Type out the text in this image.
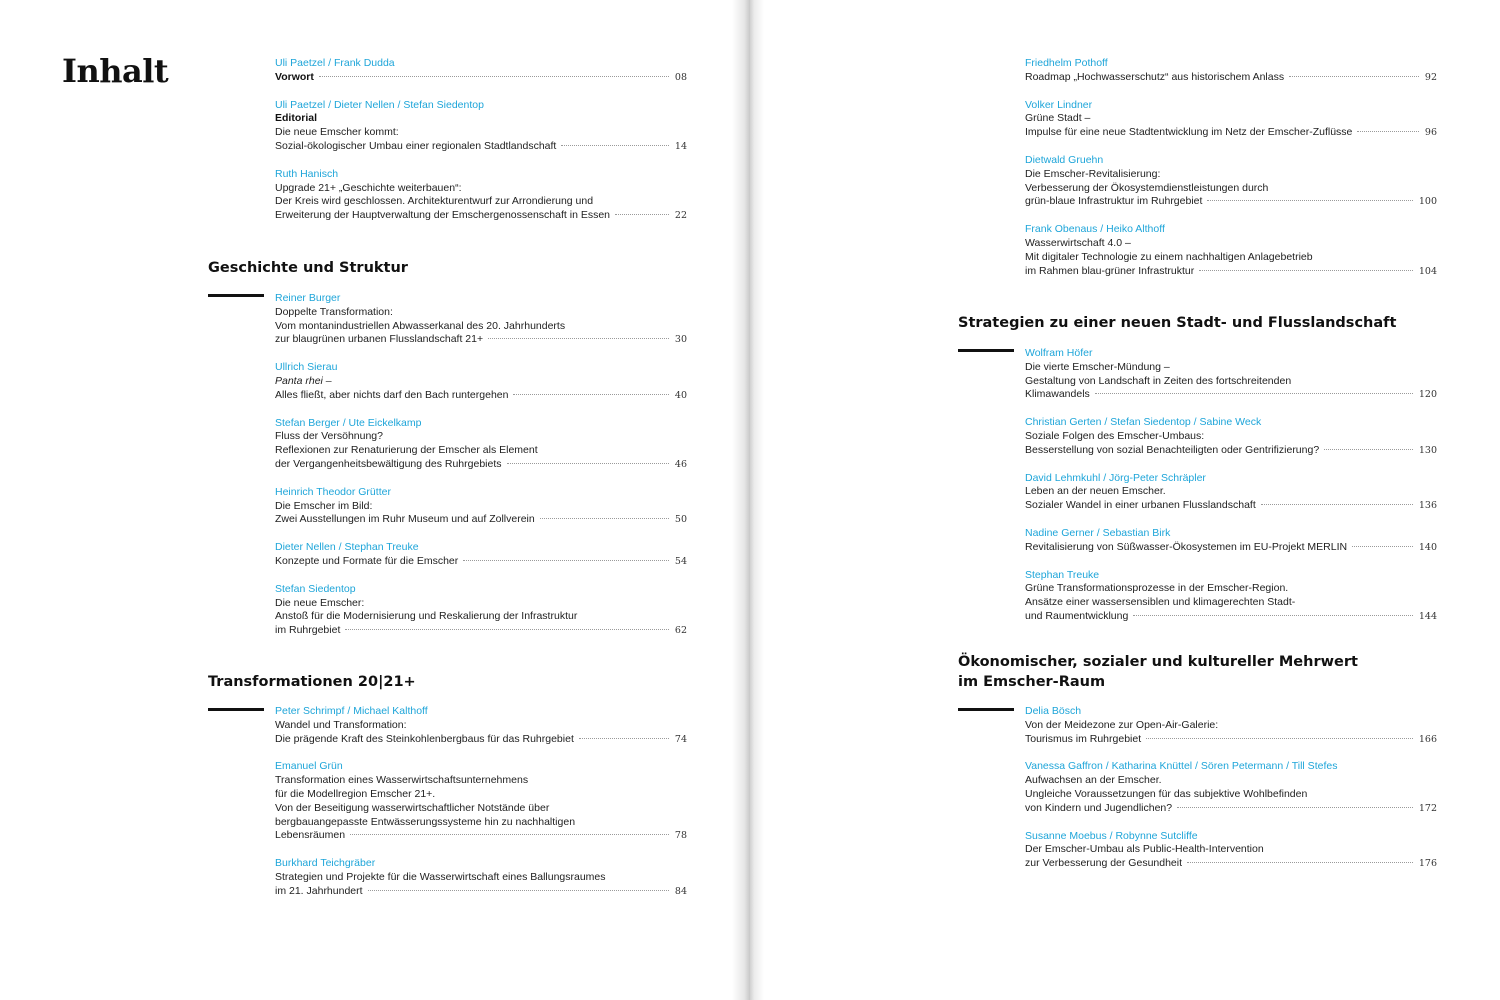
Inhalt
Geschichte und Struktur
Transformationen 20|21+
Uli Paetzel / Frank Dudda
Vorwort	08
Uli Paetzel / Dieter Nellen / Stefan Siedentop
Editorial
Die neue Emscher kommt:
Sozial-ökologischer Umbau einer regionalen Stadtlandschaft	14
Ruth Hanisch
Upgrade 21+ „Geschichte weiterbauen“:
Der Kreis wird geschlossen. Architekturentwurf zur Arrondierung und
Erweiterung der Hauptverwaltung der Emschergenossenschaft in Essen	22
Reiner Burger
Doppelte Transformation:
Vom montanindustriellen Abwasserkanal des 20. Jahrhunderts
zur blaugrünen urbanen Flusslandschaft 21+	30
Ullrich Sierau
Panta rhei –
Alles fließt, aber nichts darf den Bach runtergehen	40
Stefan Berger / Ute Eickelkamp
Fluss der Versöhnung?
Reflexionen zur Renaturierung der Emscher als Element
der Vergangenheitsbewältigung des Ruhrgebiets	46
Heinrich Theodor Grütter
Die Emscher im Bild:
Zwei Ausstellungen im Ruhr Museum und auf Zollverein	50
Dieter Nellen / Stephan Treuke
Konzepte und Formate für die Emscher	54
Stefan Siedentop
Die neue Emscher:
Anstoß für die Modernisierung und Reskalierung der Infrastruktur
im Ruhrgebiet	62
Peter Schrimpf / Michael Kalthoff
Wandel und Transformation:
Die prägende Kraft des Steinkohlenbergbaus für das Ruhrgebiet	74
Emanuel Grün
Transformation eines Wasserwirtschaftsunternehmens
für die Modellregion Emscher 21+.
Von der Beseitigung wasserwirtschaftlicher Notstände über
bergbauangepasste Entwässerungssysteme hin zu nachhaltigen
Lebensräumen	78
Burkhard Teichgräber
Strategien und Projekte für die Wasserwirtschaft eines Ballungsraumes
im 21. Jahrhundert	84
Strategien zu einer neuen Stadt- und Flusslandschaft
Ökonomischer, sozialer und kultureller Mehrwert
im Emscher-Raum
Friedhelm Pothoff
Roadmap „Hochwasserschutz“ aus historischem Anlass	92
Volker Lindner
Grüne Stadt –
Impulse für eine neue Stadtentwicklung im Netz der Emscher-Zuflüsse	96
Dietwald Gruehn
Die Emscher-Revitalisierung:
Verbesserung der Ökosystemdienstleistungen durch
grün-blaue Infrastruktur im Ruhrgebiet	100
Frank Obenaus / Heiko Althoff
Wasserwirtschaft 4.0 –
Mit digitaler Technologie zu einem nachhaltigen Anlagebetrieb
im Rahmen blau-grüner Infrastruktur	104
Wolfram Höfer
Die vierte Emscher-Mündung –
Gestaltung von Landschaft in Zeiten des fortschreitenden
Klimawandels	120
Christian Gerten / Stefan Siedentop / Sabine Weck
Soziale Folgen des Emscher-Umbaus:
Besserstellung von sozial Benachteiligten oder Gentrifizierung?	130
David Lehmkuhl / Jörg-Peter Schräpler
Leben an der neuen Emscher.
Sozialer Wandel in einer urbanen Flusslandschaft	136
Nadine Gerner / Sebastian Birk
Revitalisierung von Süßwasser-Ökosystemen im EU-Projekt MERLIN	140
Stephan Treuke
Grüne Transformationsprozesse in der Emscher-Region.
Ansätze einer wassersensiblen und klimagerechten Stadt-
und Raumentwicklung	144
Delia Bösch
Von der Meidezone zur Open-Air-Galerie:
Tourismus im Ruhrgebiet	166
Vanessa Gaffron / Katharina Knüttel / Sören Petermann / Till Stefes
Aufwachsen an der Emscher.
Ungleiche Voraussetzungen für das subjektive Wohlbefinden
von Kindern und Jugendlichen?	172
Susanne Moebus / Robynne Sutcliffe
Der Emscher-Umbau als Public-Health-Intervention
zur Verbesserung der Gesundheit	176
